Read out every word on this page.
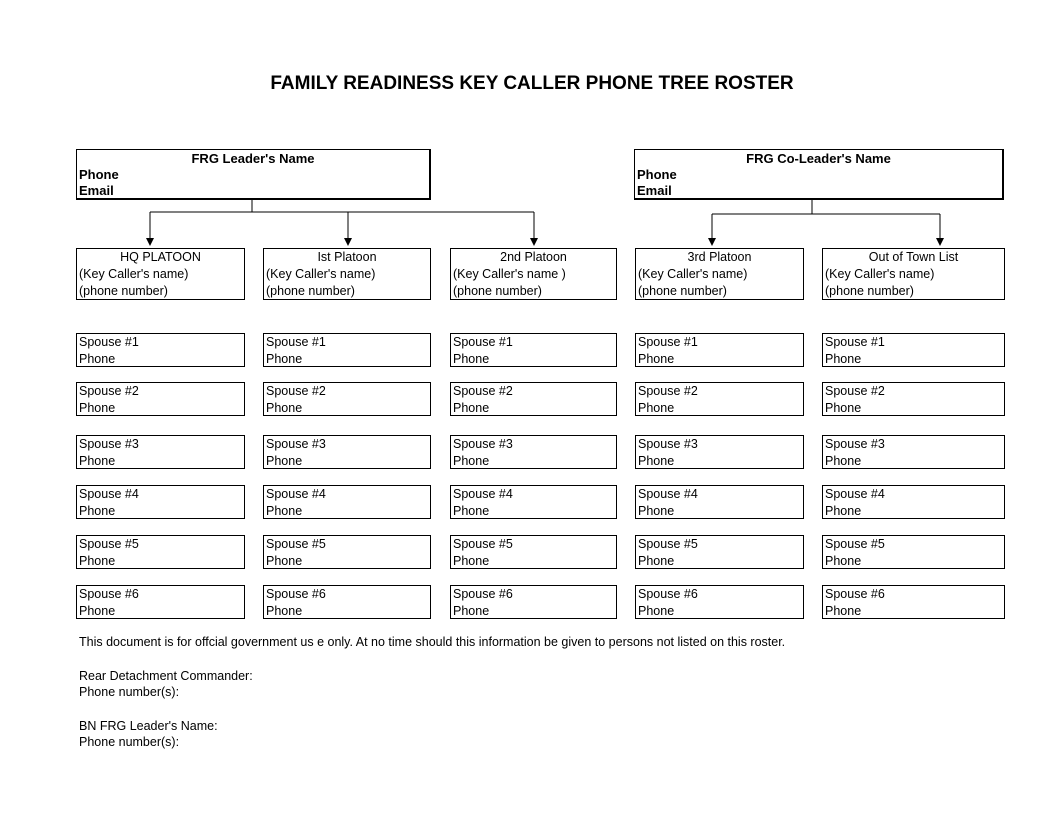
FAMILY READINESS KEY CALLER PHONE TREE ROSTER
FRG Leader's Name
Phone
Email
FRG Co-Leader's Name
Phone
Email
HQ PLATOON
(Key Caller's name)
(phone number)
Ist Platoon
(Key Caller's name)
(phone number)
2nd Platoon
(Key Caller's name )
(phone number)
3rd Platoon
(Key Caller's name)
(phone number)
Out of Town List
(Key Caller's name)
(phone number)
Spouse #1
Phone
Spouse #2
Phone
Spouse #3
Phone
Spouse #4
Phone
Spouse #5
Phone
Spouse #6
Phone
Spouse #1
Phone
Spouse #2
Phone
Spouse #3
Phone
Spouse #4
Phone
Spouse #5
Phone
Spouse #6
Phone
Spouse #1
Phone
Spouse #2
Phone
Spouse #3
Phone
Spouse #4
Phone
Spouse #5
Phone
Spouse #6
Phone
Spouse #1
Phone
Spouse #2
Phone
Spouse #3
Phone
Spouse #4
Phone
Spouse #5
Phone
Spouse #6
Phone
Spouse #1
Phone
Spouse #2
Phone
Spouse #3
Phone
Spouse #4
Phone
Spouse #5
Phone
Spouse #6
Phone
This document is for offcial government us e only. At no time should this information be given to persons not listed on this roster.
Rear Detachment Commander:
Phone number(s):
BN FRG Leader's Name:
Phone number(s):
